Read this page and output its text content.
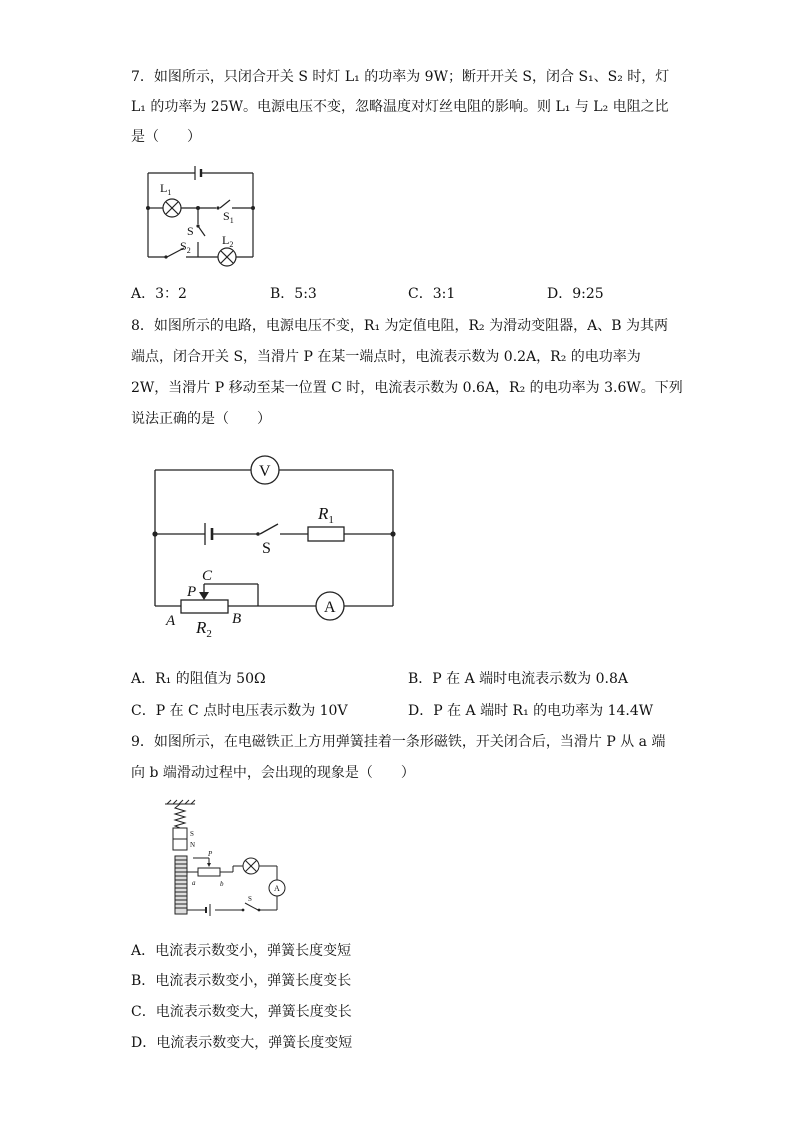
7．如图所示，只闭合开关 S 时灯 L₁ 的功率为 9W；断开开关 S，闭合 S₁、S₂ 时，灯
L₁ 的功率为 25W。电源电压不变，忽略温度对灯丝电阻的影响。则 L₁ 与 L₂ 电阻之比
是（　　）
$L_1$
$S_1$
S
$S_2$
$L_2$
A．3：2	B．5:3	C．3:1	D．9:25
8．如图所示的电路，电源电压不变，R₁ 为定值电阻，R₂ 为滑动变阻器，A、B 为其两
端点，闭合开关 S，当滑片 P 在某一端点时，电流表示数为 0.2A，R₂ 的电功率为
2W，当滑片 P 移动至某一位置 C 时，电流表示数为 0.6A，R₂ 的电功率为 3.6W。下列
说法正确的是（　　）
V
$R_1$
S
C
P
A
A $R_2$
B
A．R₁ 的阻值为 50Ω	B．P 在 A 端时电流表示数为 0.8A
C．P 在 C 点时电压表示数为 10V	D．P 在 A 端时 R₁ 的电功率为 14.4W
9．如图所示，在电磁铁正上方用弹簧挂着一条形磁铁，开关闭合后，当滑片 P 从 a 端
向 b 端滑动过程中，会出现的现象是（　　）
S
N
P
a	b
S
A
A．电流表示数变小，弹簧长度变短
B．电流表示数变小，弹簧长度变长
C．电流表示数变大，弹簧长度变长
D．电流表示数变大，弹簧长度变短
